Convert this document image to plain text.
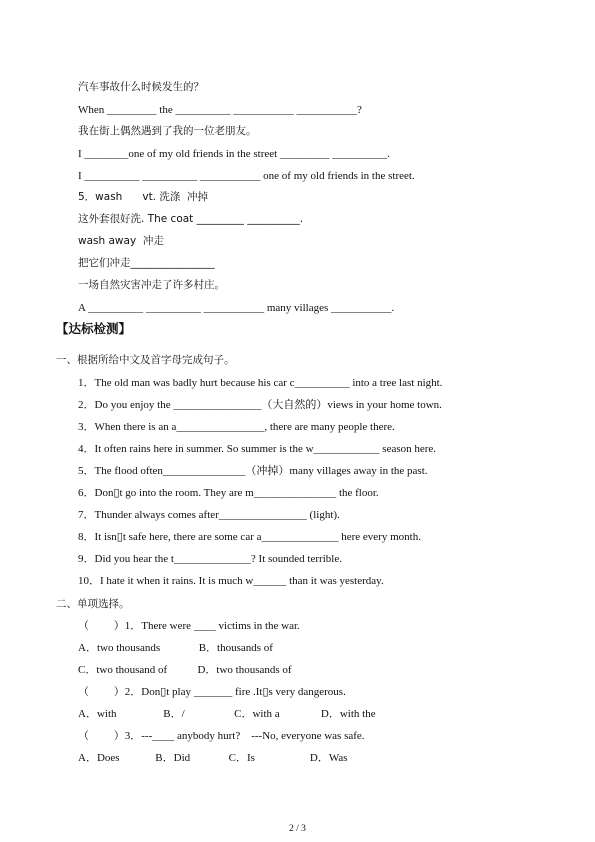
汽车事故什么时候发生的？
When _________ the __________ ___________ ___________?
我在街上偶然遇到了我的一位老朋友。
I ________one of my old friends in the street _________ __________.
I __________ __________ ___________ one of my old friends in the street.
5．wash      vt. 洗涤  冲掉
这外套很好洗. The coat _________ __________.
wash away  冲走
把它们冲走________________
一场自然灾害冲走了许多村庄。
A __________ __________ ___________ many villages ___________.
【达标检测】
一、根据所给中文及首字母完成句子。
1．The old man was badly hurt because his car c__________ into a tree last night.
2．Do you enjoy the ________________（大自然的）views in your home town.
3．When there is an a________________, there are many people there.
4．It often rains here in summer. So summer is the w____________ season here.
5．The flood often_______________（冲掉）many villages away in the past.
6．Don▯t go into the room. They are m_______________ the floor.
7．Thunder always comes after________________ (light).
8．It isn▯t safe here, there are some car a______________ here every month.
9．Did you hear the t______________? It sounded terrible.
10．I hate it when it rains. It is much w______ than it was yesterday.
二、单项选择。
（         ）1．There were ____ victims in the war.
A．two thousands              B．thousands of
C．two thousand of           D．two thousands of
（         ）2．Don▯t play _______ fire .It▯s very dangerous.
A．with                 B．/                  C．with a               D．with the
（         ）3．---____ anybody hurt?    ---No, everyone was safe.
A．Does             B．Did              C．Is                    D．Was
2 / 3
